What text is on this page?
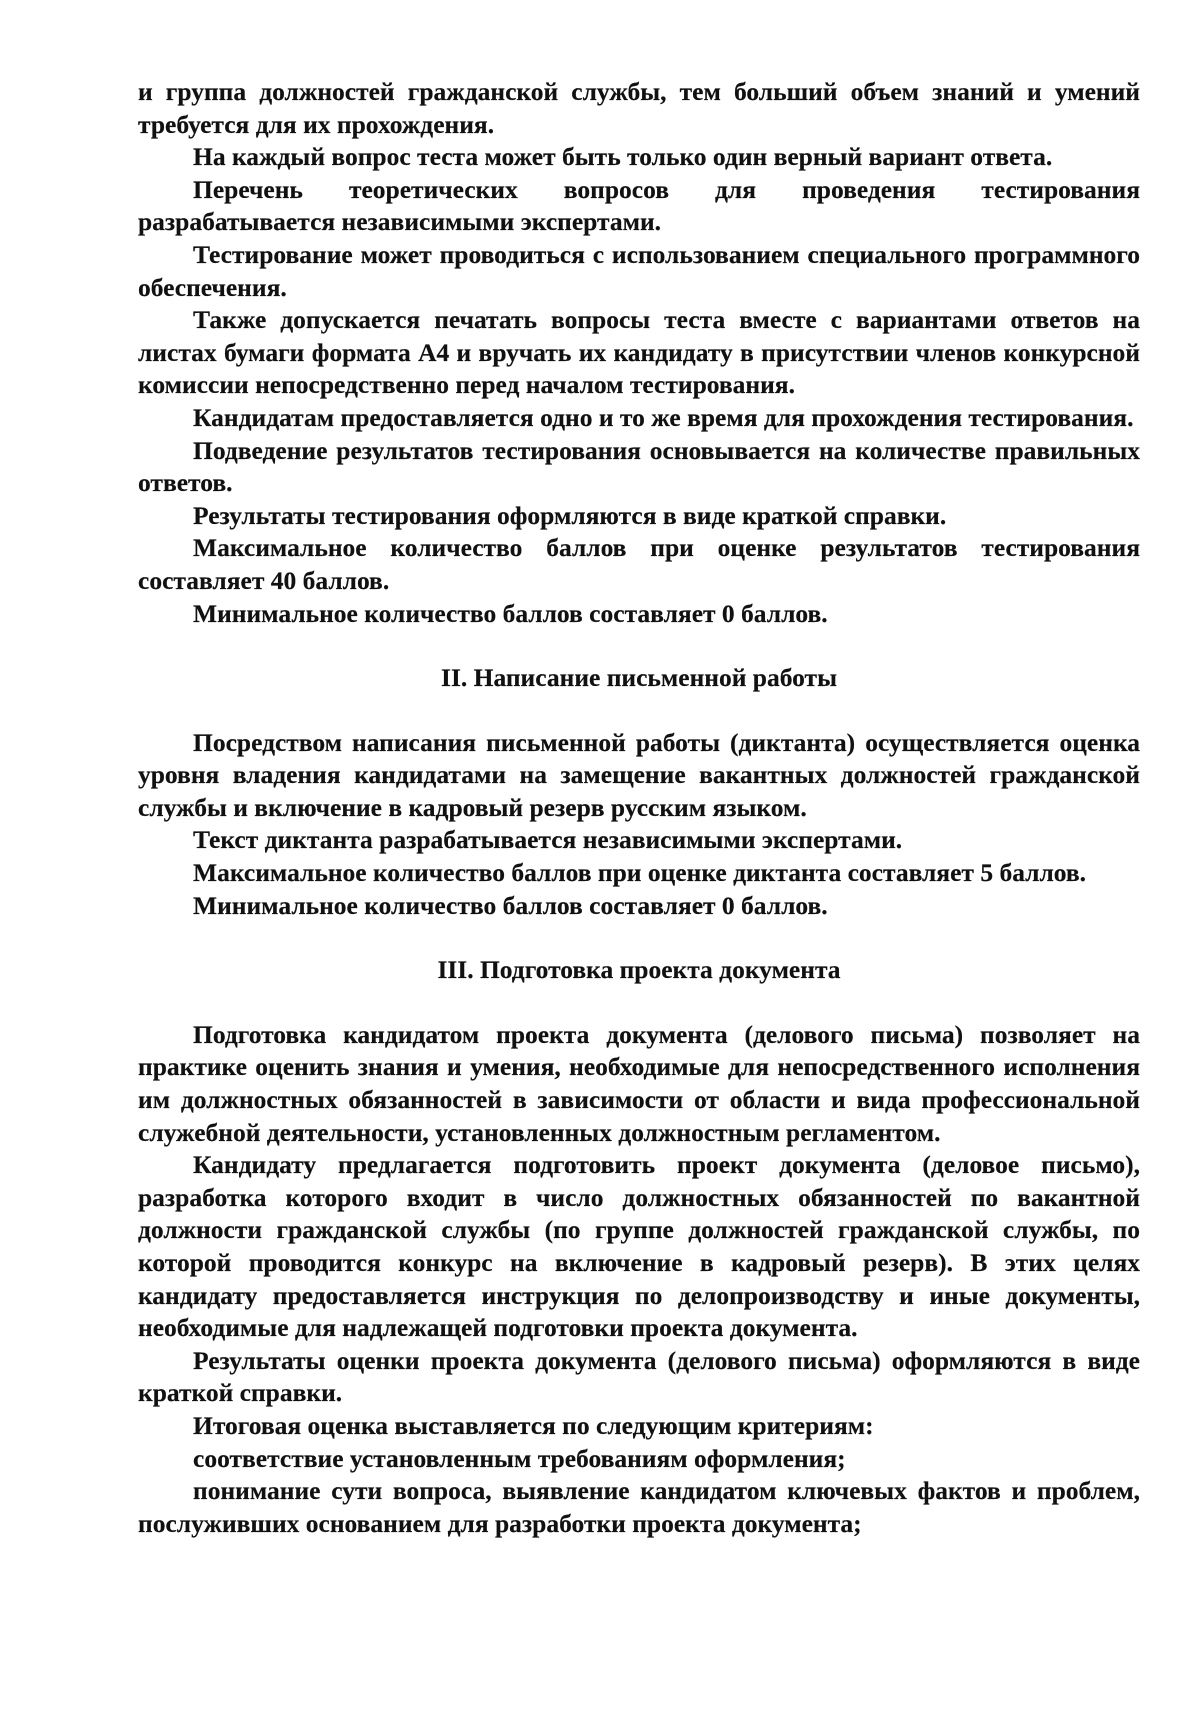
и группа должностей гражданской службы, тем больший объем знаний и умений требуется для их прохождения.

На каждый вопрос теста может быть только один верный вариант ответа.

Перечень теоретических вопросов для проведения тестирования разрабатывается независимыми экспертами.

Тестирование может проводиться с использованием специального программного обеспечения.

Также допускается печатать вопросы теста вместе с вариантами ответов на листах бумаги формата А4 и вручать их кандидату в присутствии членов конкурсной комиссии непосредственно перед началом тестирования.

Кандидатам предоставляется одно и то же время для прохождения тестирования.

Подведение результатов тестирования основывается на количестве правильных ответов.

Результаты тестирования оформляются в виде краткой справки.

Максимальное количество баллов при оценке результатов тестирования составляет 40 баллов.

Минимальное количество баллов составляет 0 баллов.

II. Написание письменной работы

Посредством написания письменной работы (диктанта) осуществляется оценка уровня владения кандидатами на замещение вакантных должностей гражданской службы и включение в кадровый резерв русским языком.

Текст диктанта разрабатывается независимыми экспертами.

Максимальное количество баллов при оценке диктанта составляет 5 баллов.

Минимальное количество баллов составляет 0 баллов.

III. Подготовка проекта документа

Подготовка кандидатом проекта документа (делового письма) позволяет на практике оценить знания и умения, необходимые для непосредственного исполнения им должностных обязанностей в зависимости от области и вида профессиональной служебной деятельности, установленных должностным регламентом.

Кандидату предлагается подготовить проект документа (деловое письмо), разработка которого входит в число должностных обязанностей по вакантной должности гражданской службы (по группе должностей гражданской службы, по которой проводится конкурс на включение в кадровый резерв). В этих целях кандидату предоставляется инструкция по делопроизводству и иные документы, необходимые для надлежащей подготовки проекта документа.

Результаты оценки проекта документа (делового письма) оформляются в виде краткой справки.

Итоговая оценка выставляется по следующим критериям:

соответствие установленным требованиям оформления;

понимание сути вопроса, выявление кандидатом ключевых фактов и проблем, послуживших основанием для разработки проекта документа;
